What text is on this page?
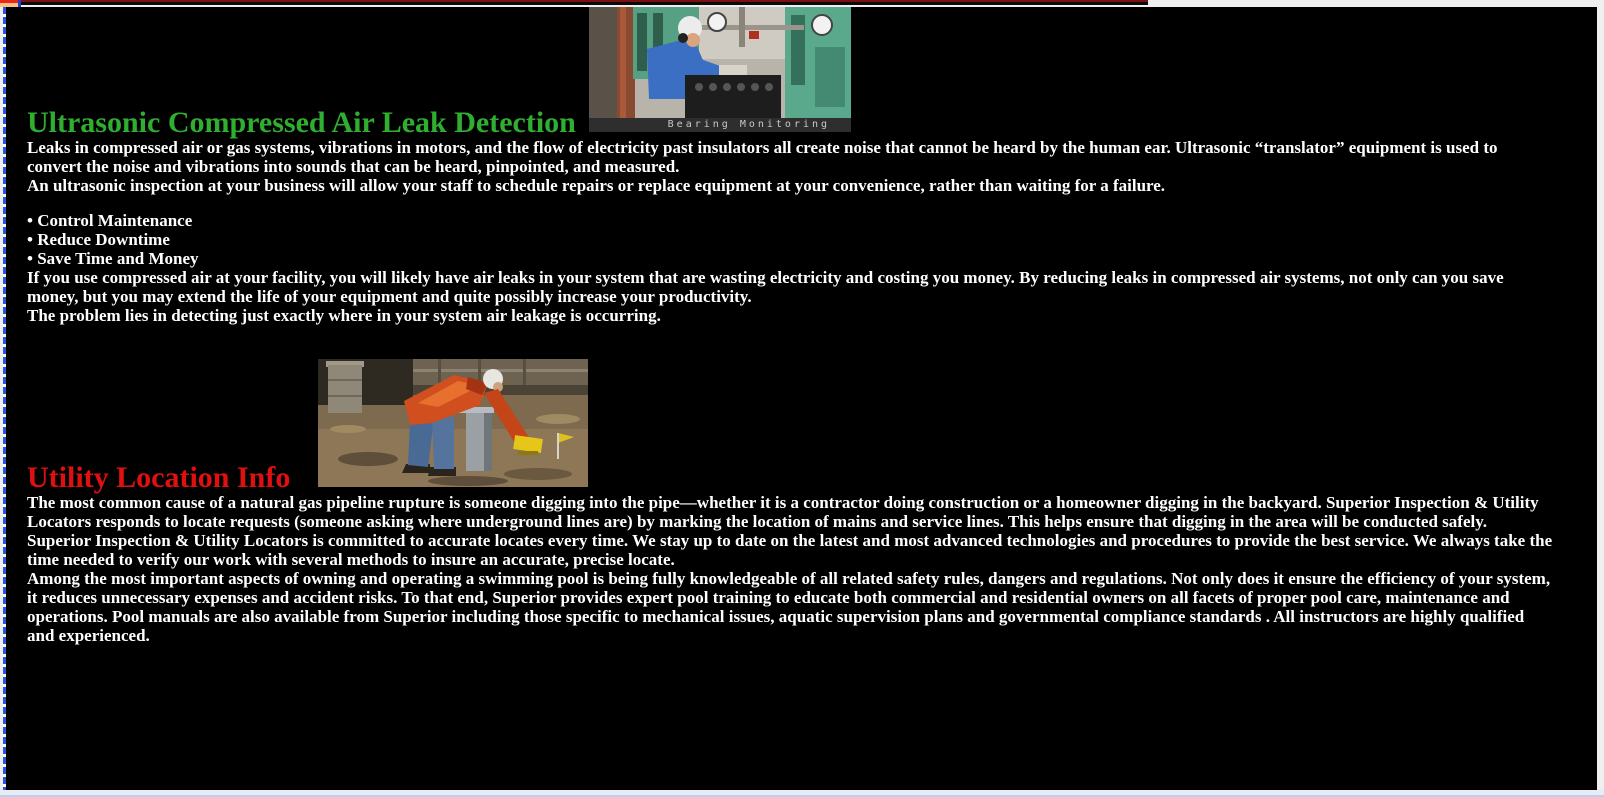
Ultrasonic Compressed Air Leak Detection	Bearing Monitoring

Leaks in compressed air or gas systems, vibrations in motors, and the flow of electricity past insulators all create noise that cannot be heard by the human ear. Ultrasonic “translator” equipment is used to convert the noise and vibrations into sounds that can be heard, pinpointed, and measured.

An ultrasonic inspection at your business will allow your staff to schedule repairs or replace equipment at your convenience, rather than waiting for a failure.

• Control Maintenance

• Reduce Downtime

• Save Time and Money

If you use compressed air at your facility, you will likely have air leaks in your system that are wasting electricity and costing you money. By reducing leaks in compressed air systems, not only can you save money, but you may extend the life of your equipment and quite possibly increase your productivity.

The problem lies in detecting just exactly where in your system air leakage is occurring.

Utility Location Info

The most common cause of a natural gas pipeline rupture is someone digging into the pipe—whether it is a contractor doing construction or a homeowner digging in the backyard. Superior Inspection & Utility Locators responds to locate requests (someone asking where underground lines are) by marking the location of mains and service lines. This helps ensure that digging in the area will be conducted safely.

Superior Inspection & Utility Locators is committed to accurate locates every time. We stay up to date on the latest and most advanced technologies and procedures to provide the best service. We always take the time needed to verify our work with several methods to insure an accurate, precise locate.

Among the most important aspects of owning and operating a swimming pool is being fully knowledgeable of all related safety rules, dangers and regulations. Not only does it ensure the efficiency of your system, it reduces unnecessary expenses and accident risks. To that end, Superior provides expert pool training to educate both commercial and residential owners on all facets of proper pool care, maintenance and operations. Pool manuals are also available from Superior including those specific to mechanical issues, aquatic supervision plans and governmental compliance standards . All instructors are highly qualified and experienced.
